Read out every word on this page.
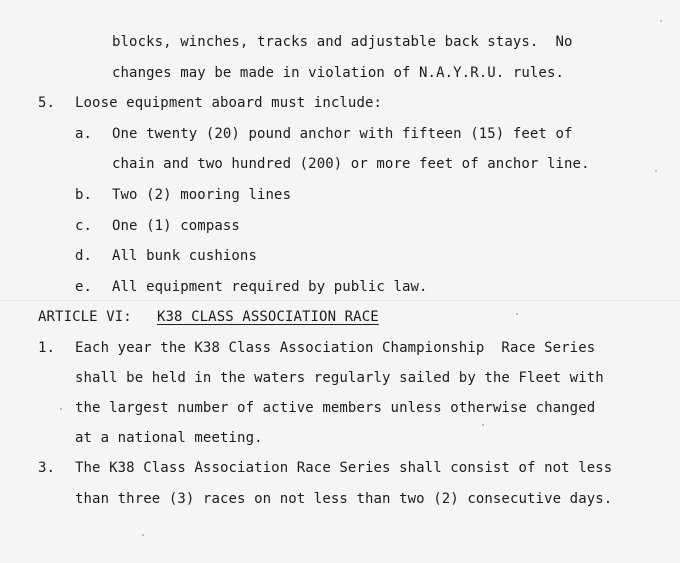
blocks, winches, tracks and adjustable back stays.  No
changes may be made in violation of N.A.Y.R.U. rules.
5. Loose equipment aboard must include:
a. One twenty (20) pound anchor with fifteen (15) feet of
chain and two hundred (200) or more feet of anchor line.
b. Two (2) mooring lines
c. One (1) compass
d. All bunk cushions
e. All equipment required by public law.
ARTICLE VI: K38 CLASS ASSOCIATION RACE
1. Each year the K38 Class Association Championship  Race Series
shall be held in the waters regularly sailed by the Fleet with
the largest number of active members unless otherwise changed
at a national meeting.
3. The K38 Class Association Race Series shall consist of not less
than three (3) races on not less than two (2) consecutive days.
